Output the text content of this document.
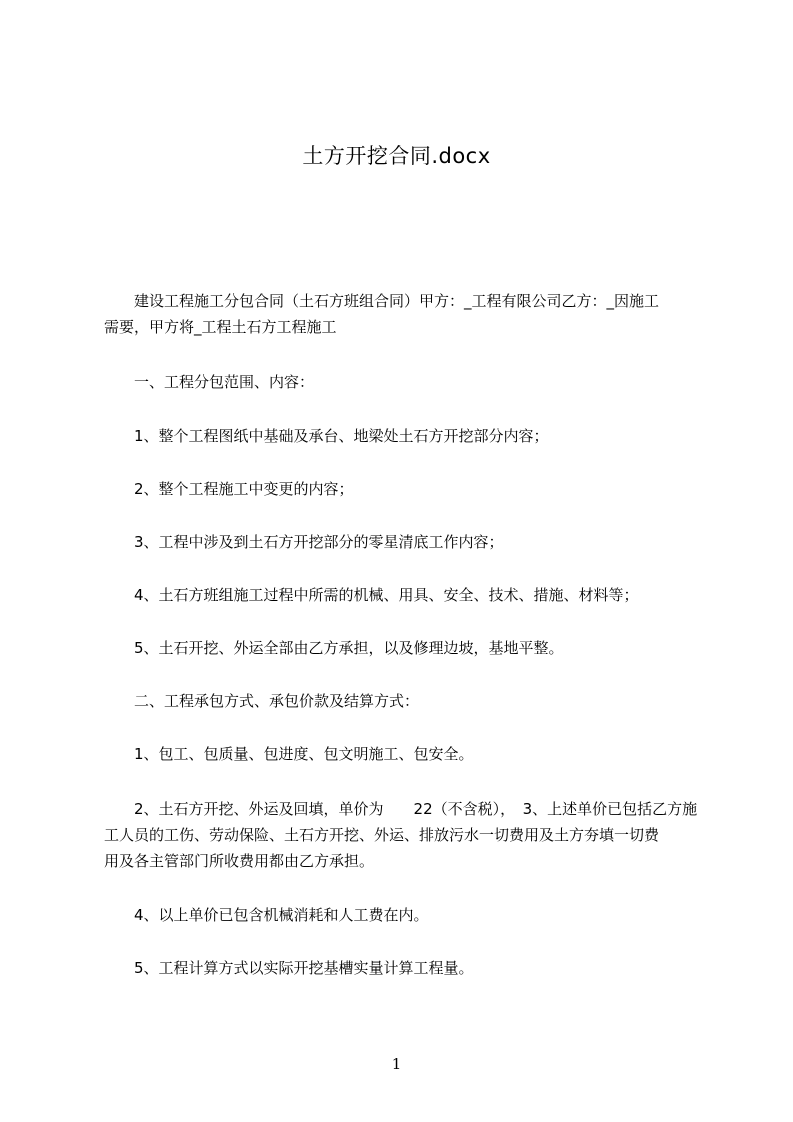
土方开挖合同.docx
　　建设工程施工分包合同（土石方班组合同）甲方：_工程有限公司乙方：_因施工
需要，甲方将_工程土石方工程施工
　　一、工程分包范围、内容：
　　1、整个工程图纸中基础及承台、地梁处土石方开挖部分内容；
　　2、整个工程施工中变更的内容；
　　3、工程中涉及到土石方开挖部分的零星清底工作内容；
　　4、土石方班组施工过程中所需的机械、用具、安全、技术、措施、材料等；
　　5、土石开挖、外运全部由乙方承担，以及修理边坡，基地平整。
　　二、工程承包方式、承包价款及结算方式：
　　1、包工、包质量、包进度、包文明施工、包安全。
　　2、土石方开挖、外运及回填，单价为　　22（不含税），　3、上述单价已包括乙方施
工人员的工伤、劳动保险、土石方开挖、外运、排放污水一切费用及土方夯填一切费
用及各主管部门所收费用都由乙方承担。
　　4、以上单价已包含机械消耗和人工费在内。
　　5、工程计算方式以实际开挖基槽实量计算工程量。
1
